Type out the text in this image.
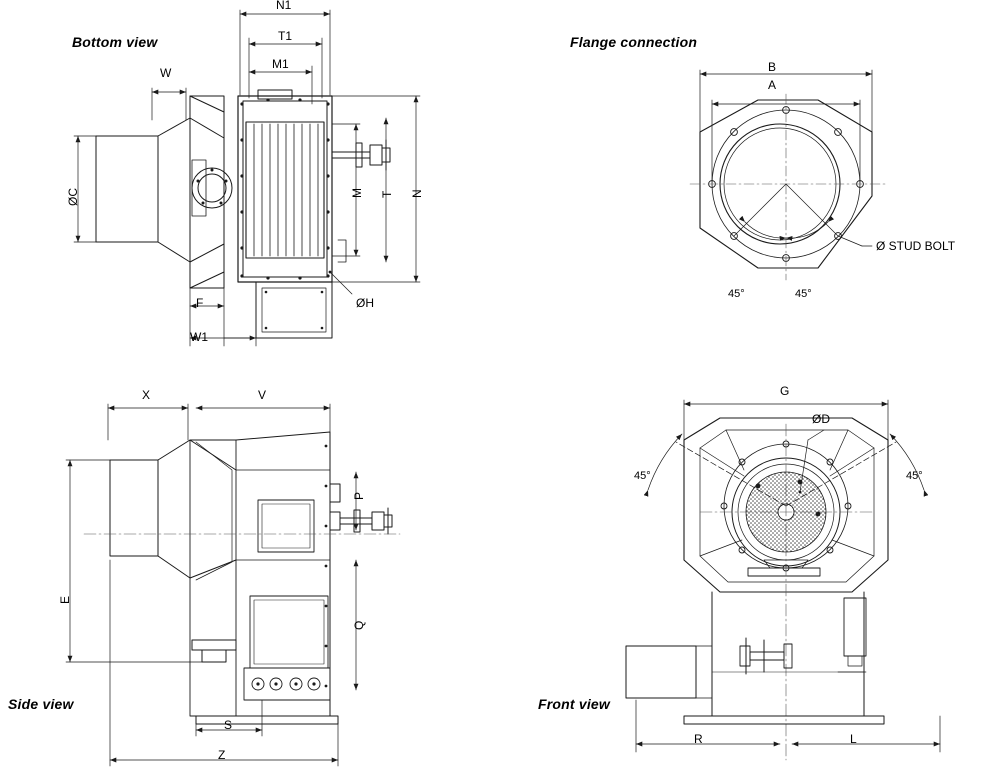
Bottom view	Flange connection
Side view	Front view
N1
T1
M1
W
F
W1
ØC	M T N
ØH
B
A
Ø STUD BOLT
45°	45°
X	V
P
Q
E
S
Z
G
ØD
45°	45°
R	L
